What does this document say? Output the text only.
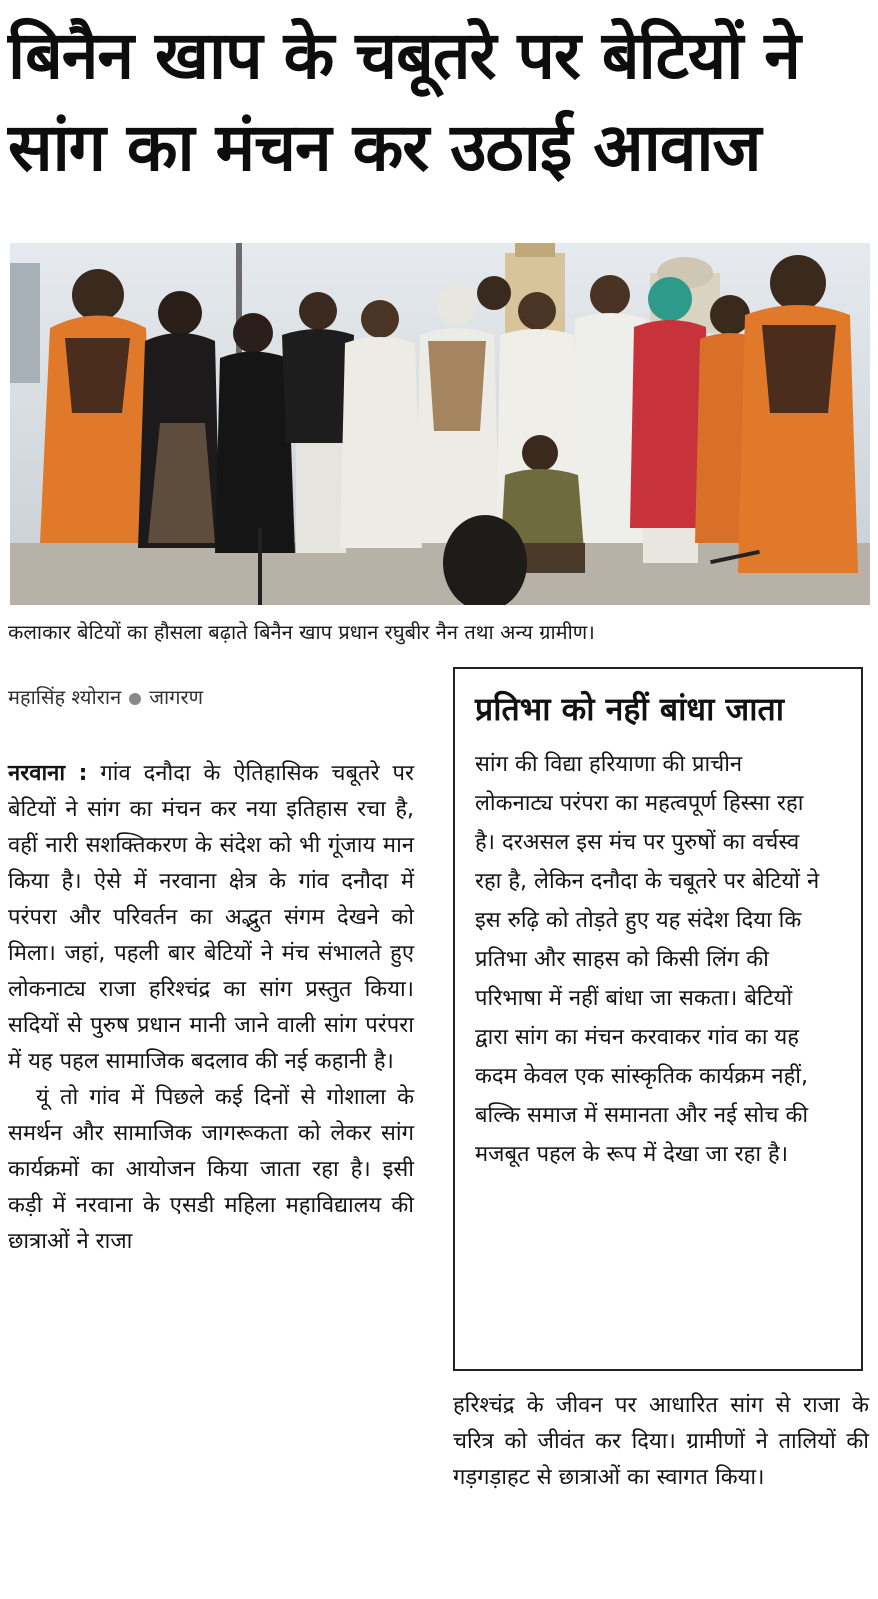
बिनैन खाप के चबूतरे पर बेटियों ने सांग का मंचन कर उठाई आवाज
कलाकार बेटियों का हौसला बढ़ाते बिनैन खाप प्रधान रघुबीर नैन तथा अन्य ग्रामीण।
महासिंह श्योरान जागरण

नरवाना : गांव दनौदा के ऐतिहासिक चबूतरे पर बेटियों ने सांग का मंचन कर नया इतिहास रचा है, वहीं नारी सशक्तिकरण के संदेश को भी गूंजाय मान किया है। ऐसे में नरवाना क्षेत्र के गांव दनौदा में परंपरा और परिवर्तन का अद्भुत संगम देखने को मिला। जहां, पहली बार बेटियों ने मंच संभालते हुए लोकनाट्य राजा हरिश्चंद्र का सांग प्रस्तुत किया। सदियों से पुरुष प्रधान मानी जाने वाली सांग परंपरा में यह पहल सामाजिक बदलाव की नई कहानी है।

यूं तो गांव में पिछले कई दिनों से गोशाला के समर्थन और सामाजिक जागरूकता को लेकर सांग कार्यक्रमों का आयोजन किया जाता रहा है। इसी कड़ी में नरवाना के एसडी महिला महाविद्यालय की छात्राओं ने राजा

प्रतिभा को नहीं बांधा जाता

सांग की विद्या हरियाणा की प्राचीन लोकनाट्य परंपरा का महत्वपूर्ण हिस्सा रहा है। दरअसल इस मंच पर पुरुषों का वर्चस्व रहा है, लेकिन दनौदा के चबूतरे पर बेटियों ने इस रुढ़ि को तोड़ते हुए यह संदेश दिया कि प्रतिभा और साहस को किसी लिंग की परिभाषा में नहीं बांधा जा सकता। बेटियों द्वारा सांग का मंचन करवाकर गांव का यह कदम केवल एक सांस्कृतिक कार्यक्रम नहीं, बल्कि समाज में समानता और नई सोच की मजबूत पहल के रूप में देखा जा रहा है।

हरिश्चंद्र के जीवन पर आधारित सांग से राजा के चरित्र को जीवंत कर दिया। ग्रामीणों ने तालियों की गड़गड़ाहट से छात्राओं का स्वागत किया।
